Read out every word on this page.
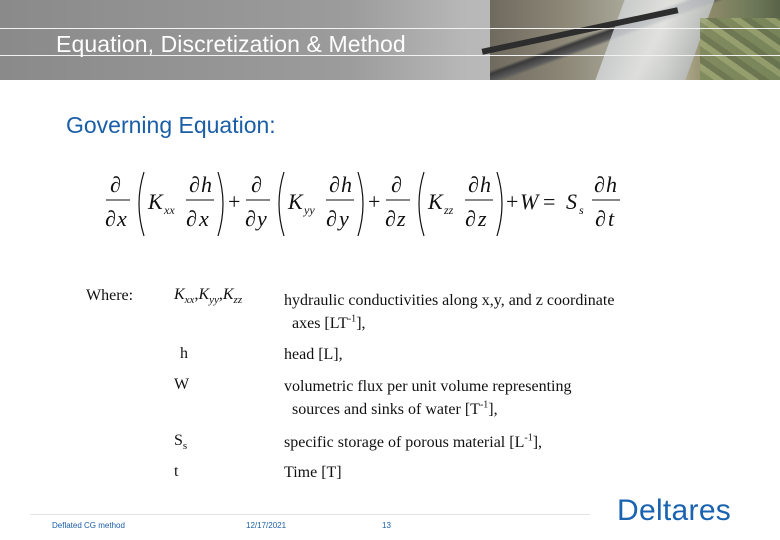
Equation, Discretization & Method
Governing Equation:
∂
∂ x
K xx
∂ h
∂ x
+
∂
∂ y
K yy
∂ h
∂ y
+
∂
∂ z
K zz
∂ h
∂ z
+ W = S s
∂ h
∂ t
Where:	$K_{xx},K_{yy},K_{zz}$	hydraulic conductivities along x,y, and z coordinate
axes $[LT^{-1}]$,
h	head [L],
W	volumetric flux per unit volume representing
sources and sinks of water $[T^{-1}]$,
$S_s$	specific storage of porous material $[L^{-1}]$,
t	Time [T]
Deflated CG method	12/17/2021	13	Deltares
